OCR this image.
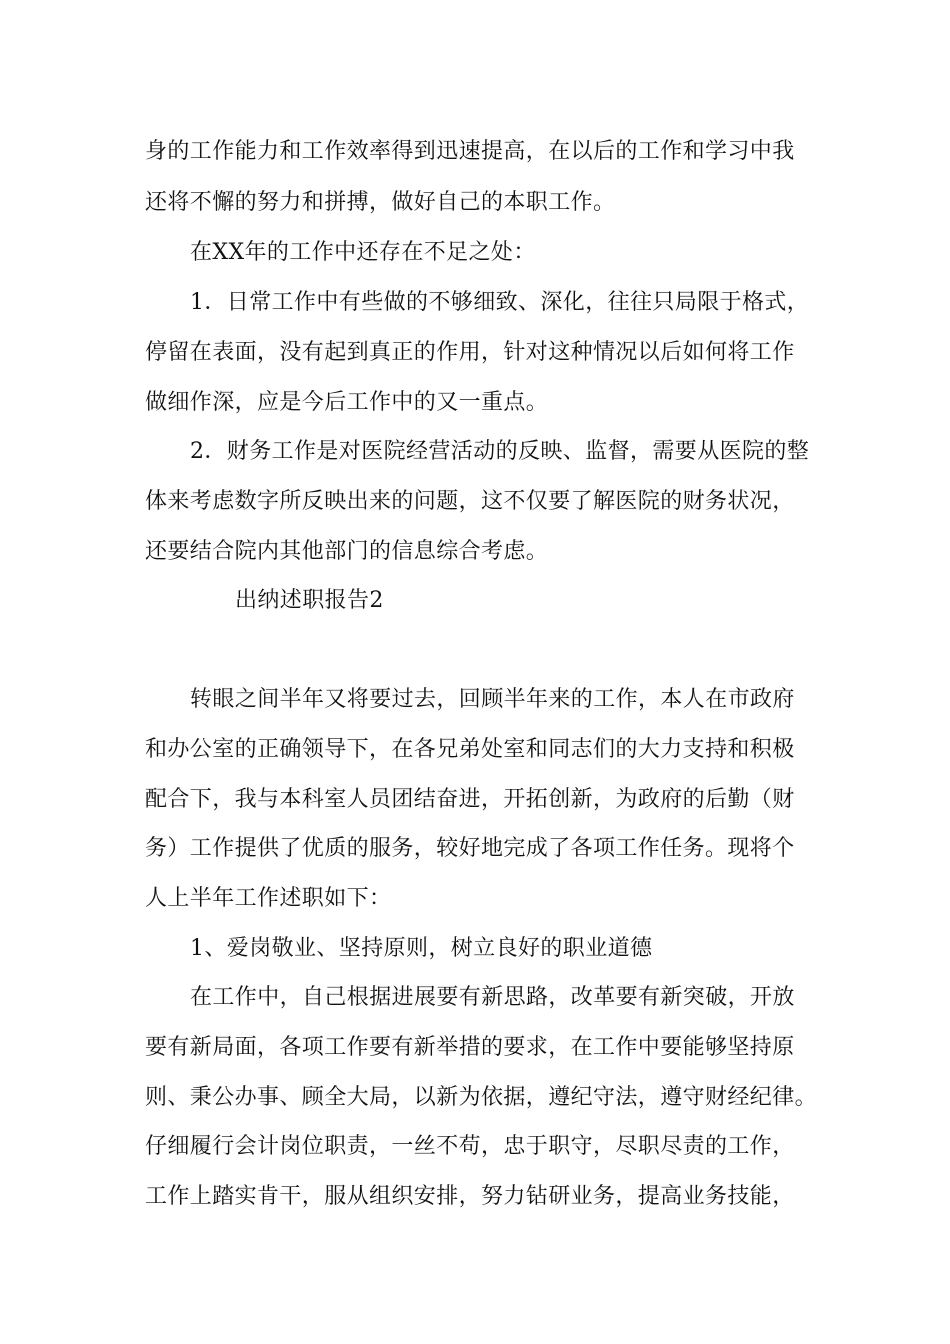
身的工作能力和工作效率得到迅速提高，在以后的工作和学习中我
还将不懈的努力和拼搏，做好自己的本职工作。
在XX年的工作中还存在不足之处：
1．日常工作中有些做的不够细致、深化，往往只局限于格式，
停留在表面，没有起到真正的作用，针对这种情况以后如何将工作
做细作深，应是今后工作中的又一重点。
2．财务工作是对医院经营活动的反映、监督，需要从医院的整
体来考虑数字所反映出来的问题，这不仅要了解医院的财务状况，
还要结合院内其他部门的信息综合考虑。
出纳述职报告2
转眼之间半年又将要过去，回顾半年来的工作，本人在市政府
和办公室的正确领导下，在各兄弟处室和同志们的大力支持和积极
配合下，我与本科室人员团结奋进，开拓创新，为政府的后勤（财
务）工作提供了优质的服务，较好地完成了各项工作任务。现将个
人上半年工作述职如下：
1、爱岗敬业、坚持原则，树立良好的职业道德
在工作中，自己根据进展要有新思路，改革要有新突破，开放
要有新局面，各项工作要有新举措的要求，在工作中要能够坚持原
则、秉公办事、顾全大局，以新为依据，遵纪守法，遵守财经纪律。
仔细履行会计岗位职责，一丝不苟，忠于职守，尽职尽责的工作，
工作上踏实肯干，服从组织安排，努力钻研业务，提高业务技能，
